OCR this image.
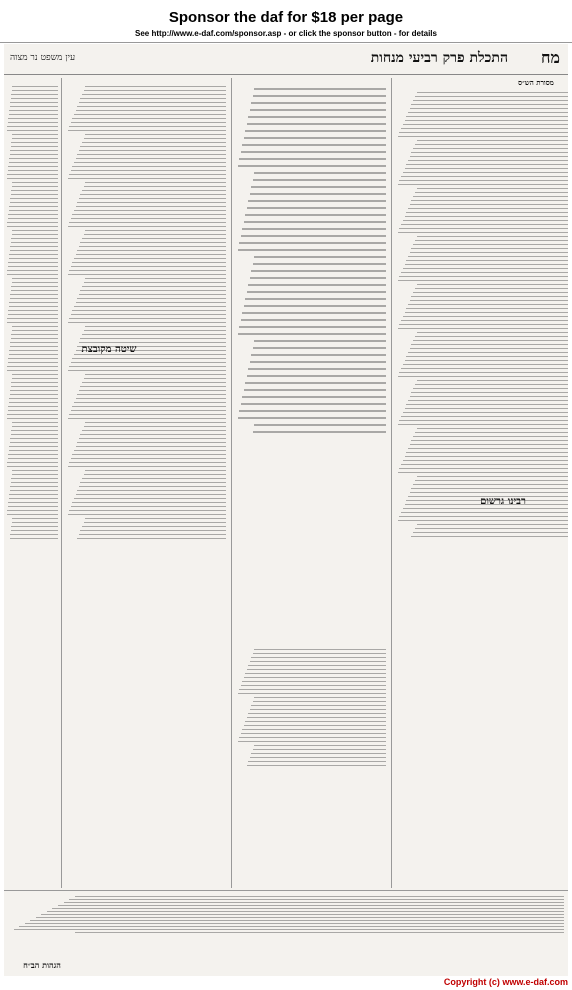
Sponsor the daf for $18 per page
See http://www.e-daf.com/sponsor.asp - or click the sponsor button - for details
עין משפט נר מצוה	התכלת פרק רביעי מנחות מח
מסורת הש״ס
שיטה מקובצת
רבינו גרשום
הגהות הב״ח
Copyright (c) www.e-daf.com
